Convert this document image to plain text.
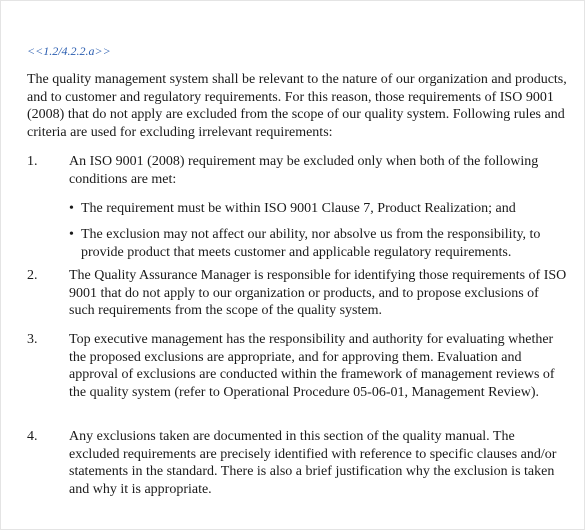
<<1.2/4.2.2.a>>
The quality management system shall be relevant to the nature of our organization and products, and to customer and regulatory requirements. For this reason, those requirements of ISO 9001 (2008) that do not apply are excluded from the scope of our quality system. Following rules and criteria are used for excluding irrelevant requirements:
1. An ISO 9001 (2008) requirement may be excluded only when both of the following conditions are met:
• The requirement must be within ISO 9001 Clause 7, Product Realization; and
• The exclusion may not affect our ability, nor absolve us from the responsibility, to provide product that meets customer and applicable regulatory requirements.
2. The Quality Assurance Manager is responsible for identifying those requirements of ISO 9001 that do not apply to our organization or products, and to propose exclusions of such requirements from the scope of the quality system.
3. Top executive management has the responsibility and authority for evaluating whether the proposed exclusions are appropriate, and for approving them. Evaluation and approval of exclusions are conducted within the framework of management reviews of the quality system (refer to Operational Procedure 05-06-01, Management Review).
4. Any exclusions taken are documented in this section of the quality manual. The excluded requirements are precisely identified with reference to specific clauses and/or statements in the standard. There is also a brief justification why the exclusion is taken and why it is appropriate.
